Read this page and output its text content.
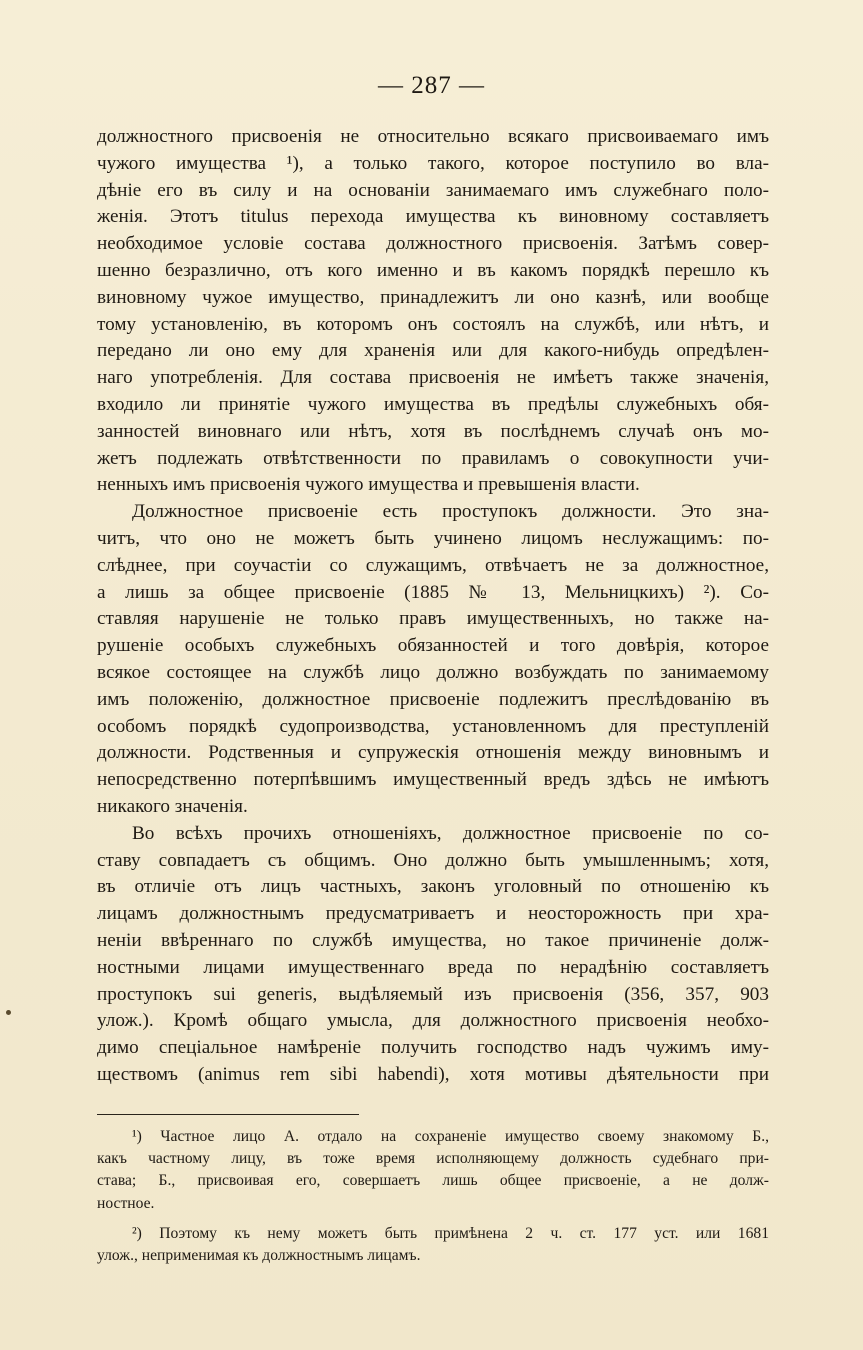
— 287 —
должностного присвоенія не относительно всякаго присвоиваемаго имъ
чужого имущества ¹), а только такого, которое поступило во вла-
дѣніе его въ силу и на основаніи занимаемаго имъ служебнаго поло-
женія. Этотъ titulus перехода имущества къ виновному составляетъ
необходимое условіе состава должностного присвоенія. Затѣмъ совер-
шенно безразлично, отъ кого именно и въ какомъ порядкѣ перешло къ
виновному чужое имущество, принадлежитъ ли оно казнѣ, или вообще
тому установленію, въ которомъ онъ состоялъ на службѣ, или нѣтъ, и
передано ли оно ему для храненія или для какого-нибудь опредѣлен-
наго употребленія. Для состава присвоенія не имѣетъ также значенія,
входило ли принятіе чужого имущества въ предѣлы служебныхъ обя-
занностей виновнаго или нѣтъ, хотя въ послѣднемъ случаѣ онъ мо-
жетъ подлежать отвѣтственности по правиламъ о совокупности учи-
ненныхъ имъ присвоенія чужого имущества и превышенія власти.
Должностное присвоеніе есть проступокъ должности. Это зна-
читъ, что оно не можетъ быть учинено лицомъ неслужащимъ: по-
слѣднее, при соучастіи со служащимъ, отвѣчаетъ не за должностное,
а лишь за общее присвоеніе (1885 № 13, Мельницкихъ) ²). Со-
ставляя нарушеніе не только правъ имущественныхъ, но также на-
рушеніе особыхъ служебныхъ обязанностей и того довѣрія, которое
всякое состоящее на службѣ лицо должно возбуждать по занимаемому
имъ положенію, должностное присвоеніе подлежитъ преслѣдованію въ
особомъ порядкѣ судопроизводства, установленномъ для преступленій
должности. Родственныя и супружескія отношенія между виновнымъ и
непосредственно потерпѣвшимъ имущественный вредъ здѣсь не имѣютъ
никакого значенія.
Во всѣхъ прочихъ отношеніяхъ, должностное присвоеніе по со-
ставу совпадаетъ съ общимъ. Оно должно быть умышленнымъ; хотя,
въ отличіе отъ лицъ частныхъ, законъ уголовный по отношенію къ
лицамъ должностнымъ предусматриваетъ и неосторожность при хра-
неніи ввѣреннаго по службѣ имущества, но такое причиненіе долж-
ностными лицами имущественнаго вреда по нерадѣнію составляетъ
проступокъ sui generis, выдѣляемый изъ присвоенія (356, 357, 903
улож.). Кромѣ общаго умысла, для должностного присвоенія необхо-
димо спеціальное намѣреніе получить господство надъ чужимъ иму-
ществомъ (animus rem sibi habendi), хотя мотивы дѣятельности при
¹) Частное лицо А. отдало на сохраненіе имущество своему знакомому Б.,
какъ частному лицу, въ тоже время исполняющему должность судебнаго при-
става; Б., присвоивая его, совершаетъ лишь общее присвоеніе, а не долж-
ностное.
²) Поэтому къ нему можетъ быть примѣнена 2 ч. ст. 177 уст. или 1681
улож., неприменимая къ должностнымъ лицамъ.
